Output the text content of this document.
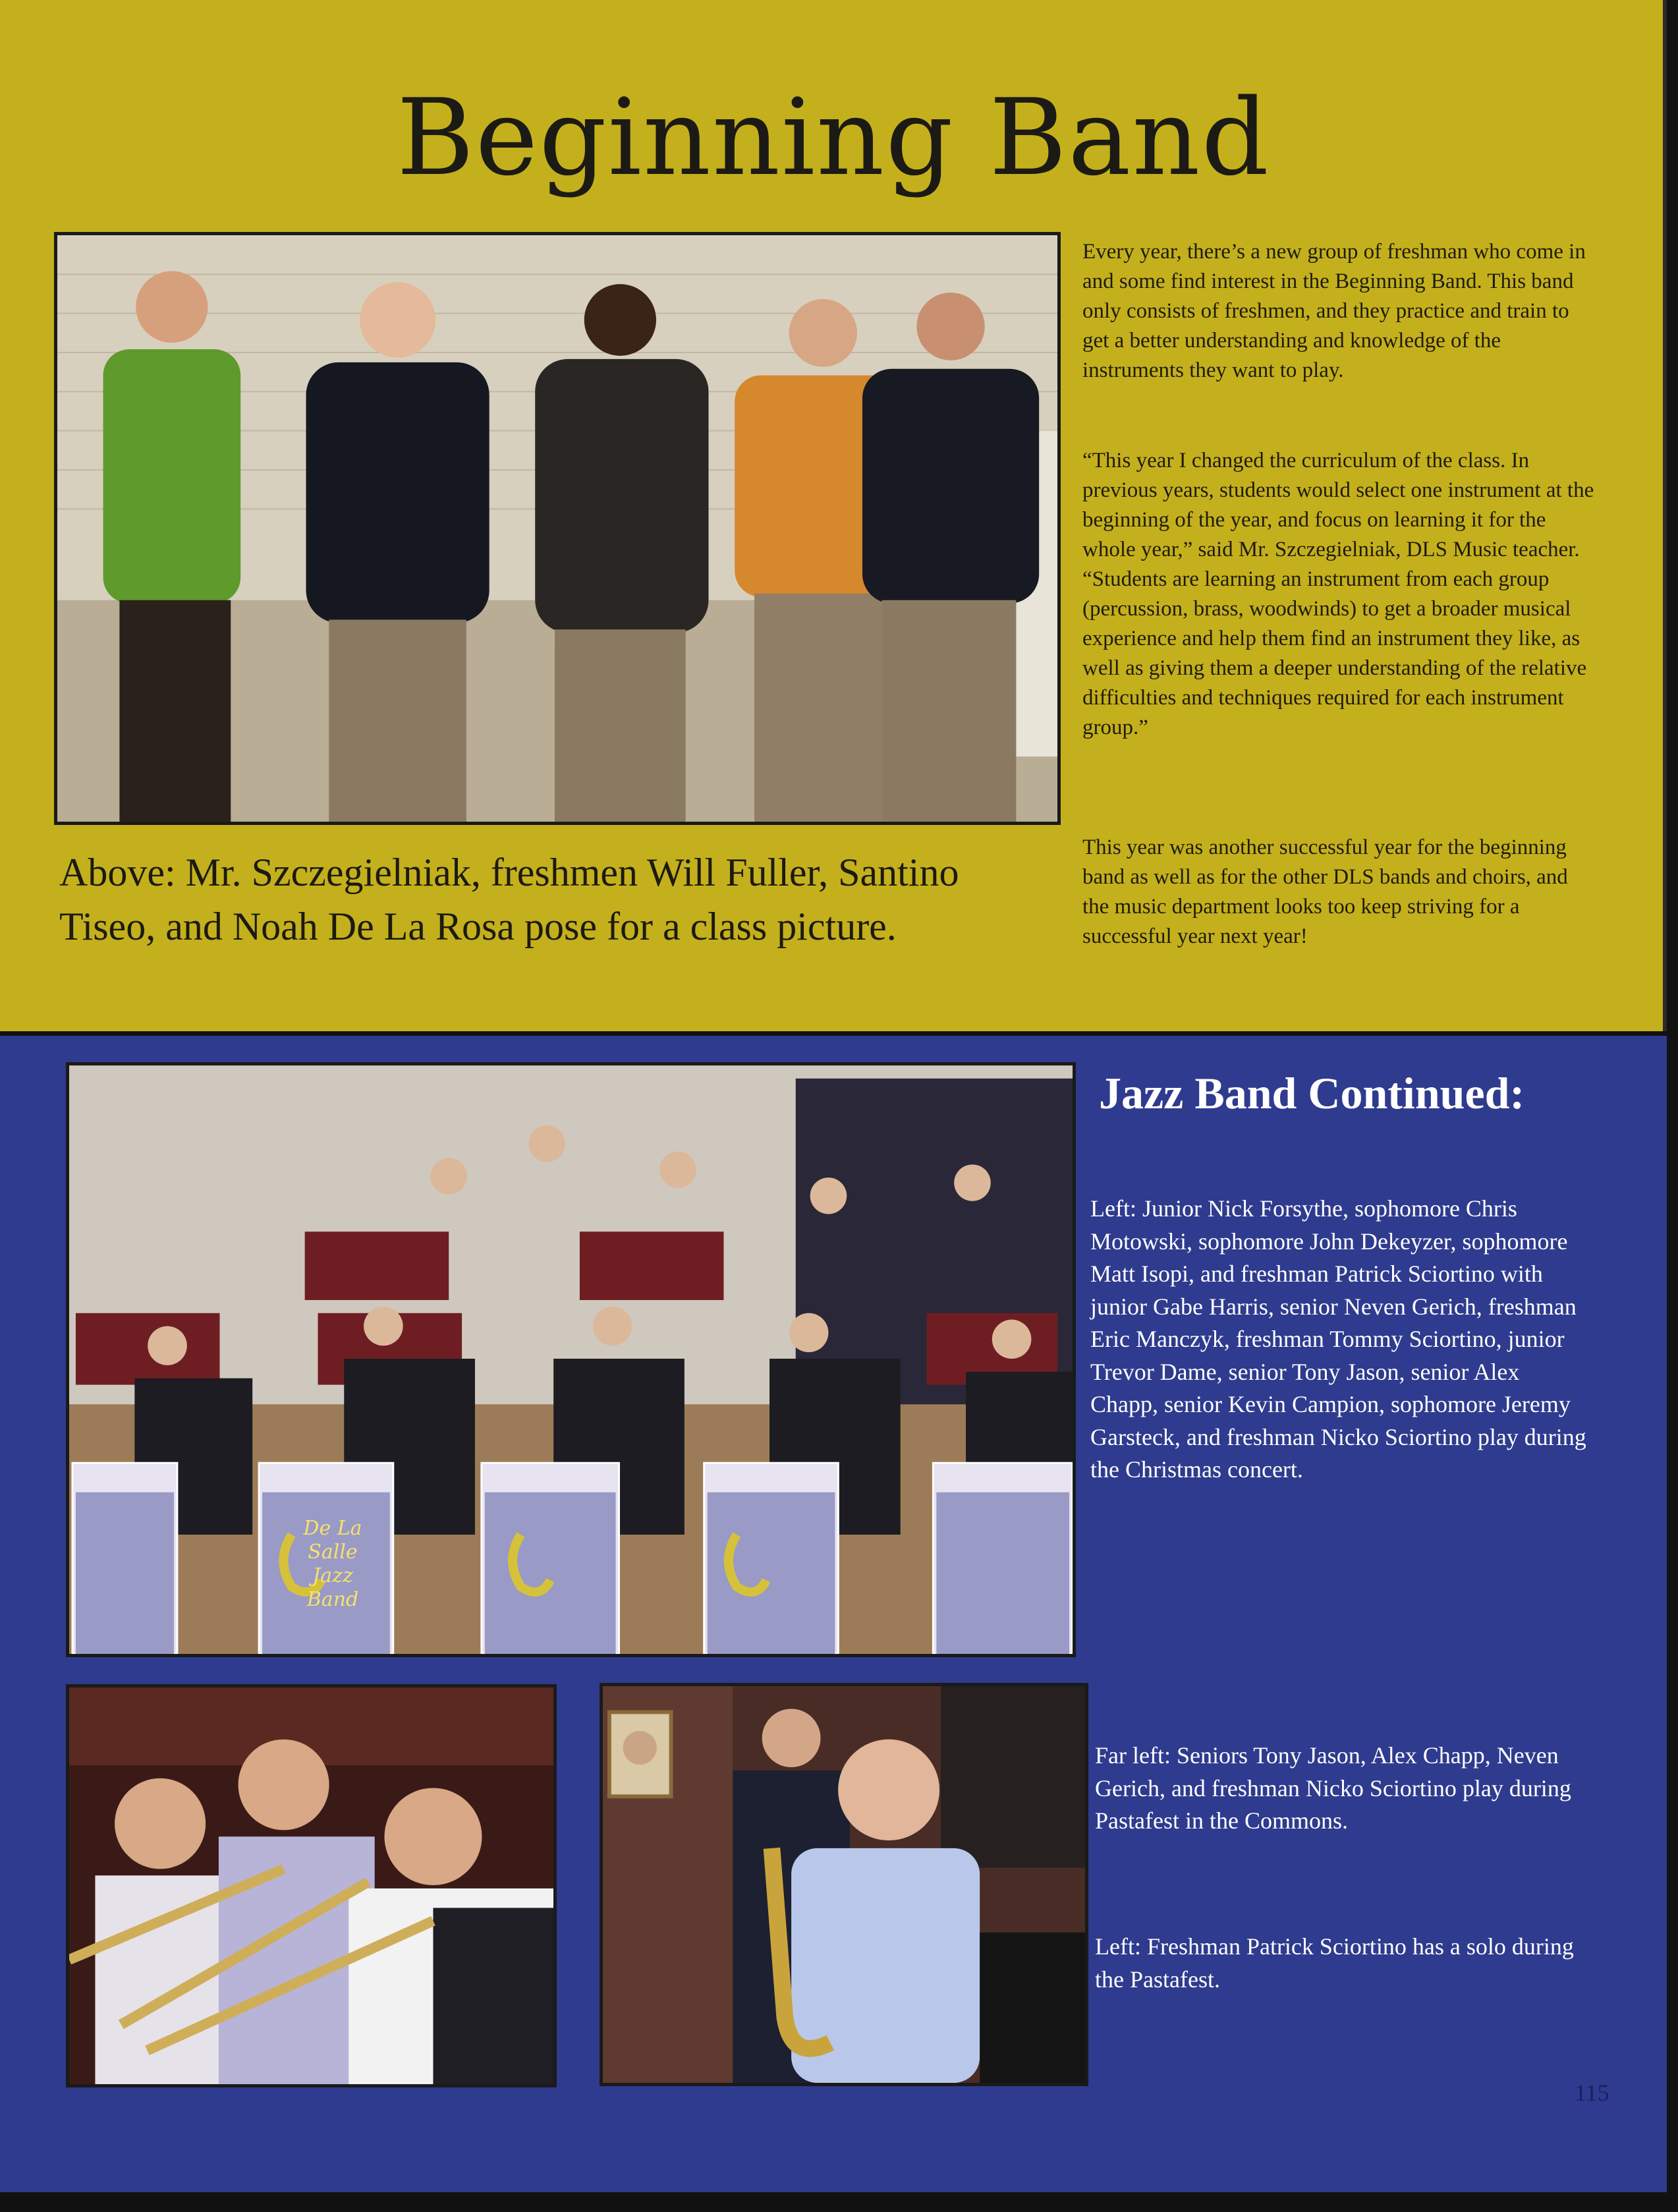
Beginning Band
Above: Mr. Szczegielniak, freshmen Will Fuller, Santino Tiseo, and Noah De La Rosa pose for a class picture.
Every year, there’s a new group of freshman who come in and some find interest in the Beginning Band. This band only consists of freshmen, and they practice and train to get a better understanding and knowledge of the instruments they want to play.
“This year I changed the curriculum of the class. In previous years, students would select one instrument at the beginning of the year, and focus on learning it for the whole year,” said Mr. Szczegielniak, DLS Music teacher. “Students are learning an instrument from each group (percussion, brass, woodwinds) to get a broader musical experience and help them find an instrument they like, as well as giving them a deeper understanding of the relative difficulties and techniques required for each instrument group.”
This year was another successful year for the beginning band as well as for the other DLS bands and choirs, and the music department looks too keep striving for a successful year next year!
De La Salle
Jazz
Band
Jazz Band Continued:
Left: Junior Nick Forsythe, sophomore Chris Motowski, sophomore John Dekeyzer, sophomore Matt Isopi, and freshman Patrick Sciortino with junior Gabe Harris, senior Neven Gerich, freshman Eric Manczyk, freshman Tommy Sciortino, junior Trevor Dame, senior Tony Jason, senior Alex Chapp, senior Kevin Campion, sophomore Jeremy Garsteck, and freshman Nicko Sciortino play during the Christmas concert.
Far left: Seniors Tony Jason, Alex Chapp, Neven Gerich, and freshman Nicko Sciortino play during Pastafest in the Commons.
Left: Freshman Patrick Sciortino has a solo during the Pastafest.
115
